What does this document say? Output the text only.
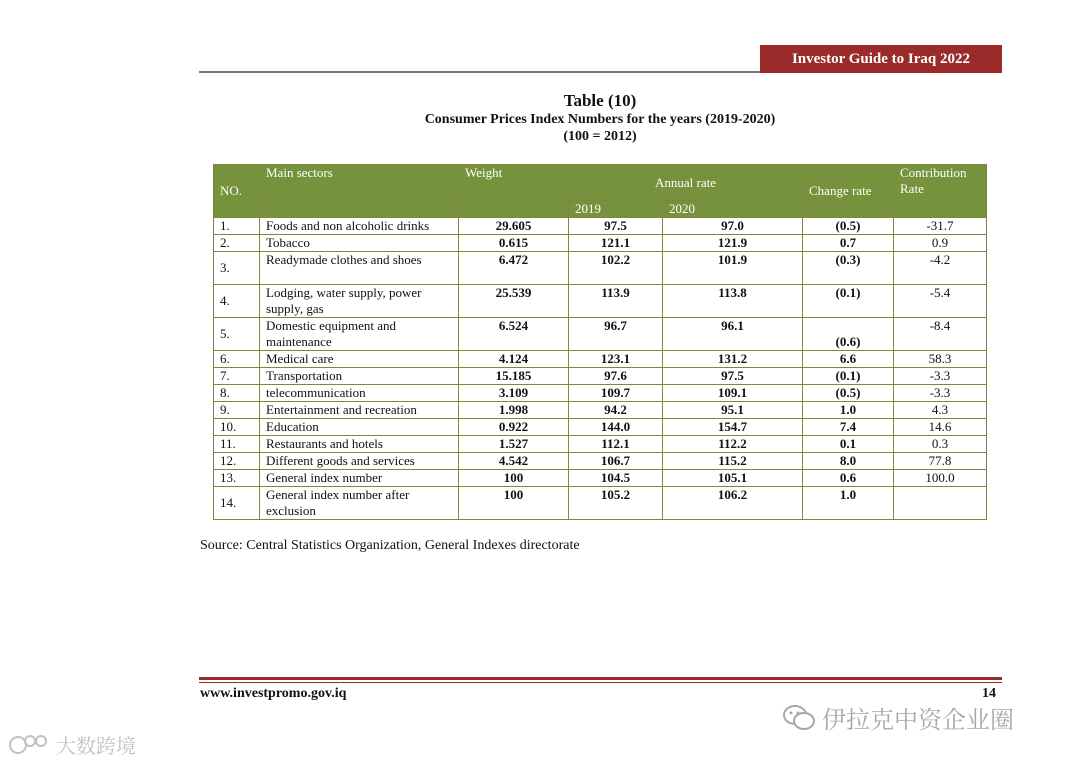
Investor Guide to Iraq 2022
Table (10)
Consumer Prices Index Numbers for the years (2019-2020)
(100 = 2012)
NO.	Main sectors	Weight	Annual rate		Change rate	Contribution Rate
			2019	2020		
1.	Foods and non alcoholic drinks	29.605	97.5	97.0	(0.5)	-31.7
2.	Tobacco	0.615	121.1	121.9	0.7	0.9
3.	Readymade clothes and shoes	6.472	102.2	101.9	(0.3)	-4.2
4.	Lodging, water supply, power supply, gas	25.539	113.9	113.8	(0.1)	-5.4
5.	Domestic equipment and maintenance	6.524	96.7	96.1	(0.6)	-8.4
6.	Medical care	4.124	123.1	131.2	6.6	58.3
7.	Transportation	15.185	97.6	97.5	(0.1)	-3.3
8.	telecommunication	3.109	109.7	109.1	(0.5)	-3.3
9.	Entertainment and recreation	1.998	94.2	95.1	1.0	4.3
10.	Education	0.922	144.0	154.7	7.4	14.6
11.	Restaurants and hotels	1.527	112.1	112.2	0.1	0.3
12.	Different goods and services	4.542	106.7	115.2	8.0	77.8
13.	General index number	100	104.5	105.1	0.6	100.0
14.	General index number after exclusion	100	105.2	106.2	1.0	
Source: Central Statistics Organization, General Indexes directorate
www.investpromo.gov.iq	14
伊拉克中资企业圈
大数跨境
